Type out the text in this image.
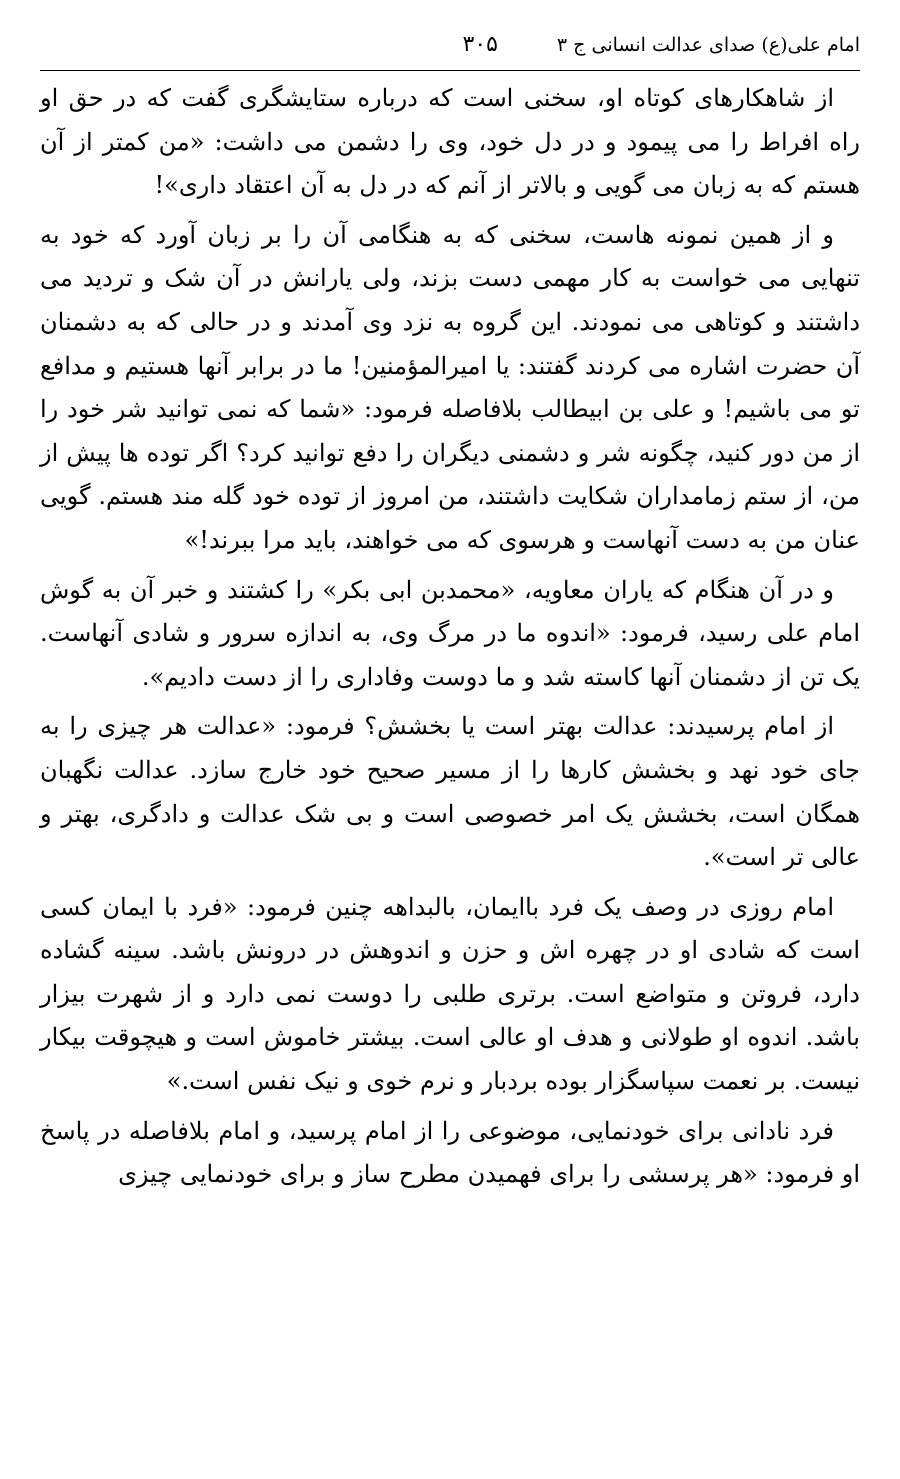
امام علی(ع) صدای عدالت انسانی ج ۳
۳۰۵

از شاهکارهای کوتاه او، سخنی است که درباره ستایشگری گفت که در حق او راه افراط را می پیمود و در دل خود، وی را دشمن می داشت: «من کمتر از آن هستم که به زبان می گویی و بالاتر از آنم که در دل به آن اعتقاد داری»!

و از همین نمونه هاست، سخنی که به هنگامی آن را بر زبان آورد که خود به تنهایی می خواست به کار مهمی دست بزند، ولی یارانش در آن شک و تردید می داشتند و کوتاهی می نمودند. این گروه به نزد وی آمدند و در حالی که به دشمنان آن حضرت اشاره می کردند گفتند: یا امیرالمؤمنین! ما در برابر آنها هستیم و مدافع تو می باشیم! و علی بن ابیطالب بلافاصله فرمود: «شما که نمی توانید شر خود را از من دور کنید، چگونه شر و دشمنی دیگران را دفع توانید کرد؟ اگر توده ها پیش از من، از ستم زمامداران شکایت داشتند، من امروز از توده خود گله مند هستم. گویی عنان من به دست آنهاست و هرسوی که می خواهند، باید مرا ببرند!»

و در آن هنگام که یاران معاویه، «محمدبن ابی بکر» را کشتند و خبر آن به گوش امام علی رسید، فرمود: «اندوه ما در مرگ وی، به اندازه سرور و شادی آنهاست. یک تن از دشمنان آنها کاسته شد و ما دوست وفاداری را از دست دادیم».

از امام پرسیدند: عدالت بهتر است یا بخشش؟ فرمود: «عدالت هر چیزی را به جای خود نهد و بخشش کارها را از مسیر صحیح خود خارج سازد. عدالت نگهبان همگان است، بخشش یک امر خصوصی است و بی شک عدالت و دادگری، بهتر و عالی تر است».

امام روزی در وصف یک فرد باایمان، بالبداهه چنین فرمود: «فرد با ایمان کسی است که شادی او در چهره اش و حزن و اندوهش در درونش باشد. سینه گشاده دارد، فروتن و متواضع است. برتری طلبی را دوست نمی دارد و از شهرت بیزار باشد. اندوه او طولانی و هدف او عالی است. بیشتر خاموش است و هیچوقت بیکار نیست. بر نعمت سپاسگزار بوده بردبار و نرم خوی و نیک نفس است.»

فرد نادانی برای خودنمایی، موضوعی را از امام پرسید، و امام بلافاصله در پاسخ او فرمود: «هر پرسشی را برای فهمیدن مطرح ساز و برای خودنمایی چیزی
